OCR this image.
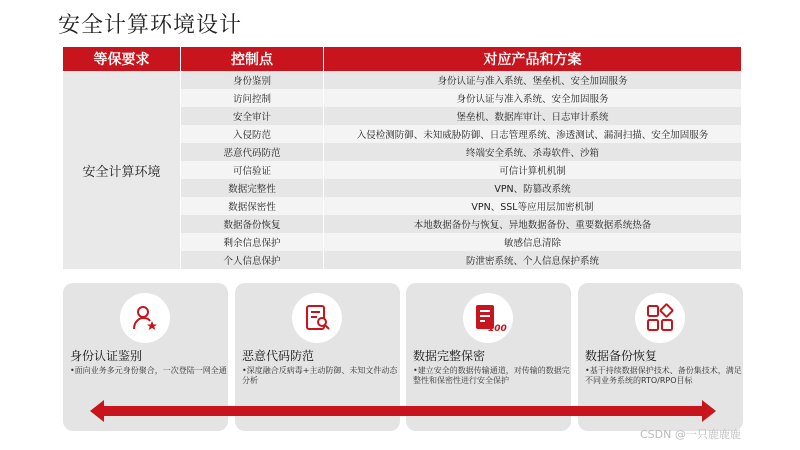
安全计算环境设计
等保要求	控制点	对应产品和方案
安全计算环境
身份鉴别	身份认证与准入系统、堡垒机、安全加固服务
访问控制	身份认证与准入系统、安全加固服务
安全审计	堡垒机、数据库审计、日志审计系统
入侵防范	入侵检测防御、未知威胁防御、日志管理系统、渗透测试、漏洞扫描、安全加固服务
恶意代码防范	终端安全系统、杀毒软件、沙箱
可信验证	可信计算机机制
数据完整性	VPN、防篡改系统
数据保密性	VPN、SSL等应用层加密机制
数据备份恢复	本地数据备份与恢复、异地数据备份、重要数据系统热备
剩余信息保护	敏感信息清除
个人信息保护	防泄密系统、个人信息保护系统
身份认证鉴别
•面向业务多元身份聚合，一次登陆一网全通
恶意代码防范
•深度融合反病毒+主动防御、未知文件动态分析
100
数据完整保密
•建立安全的数据传输通道，对传输的数据完整性和保密性进行安全保护
数据备份恢复
•基于持续数据保护技术、备份集技术，满足不同业务系统的RTO/RPO目标
CSDN @一只鹿鹿鹿
